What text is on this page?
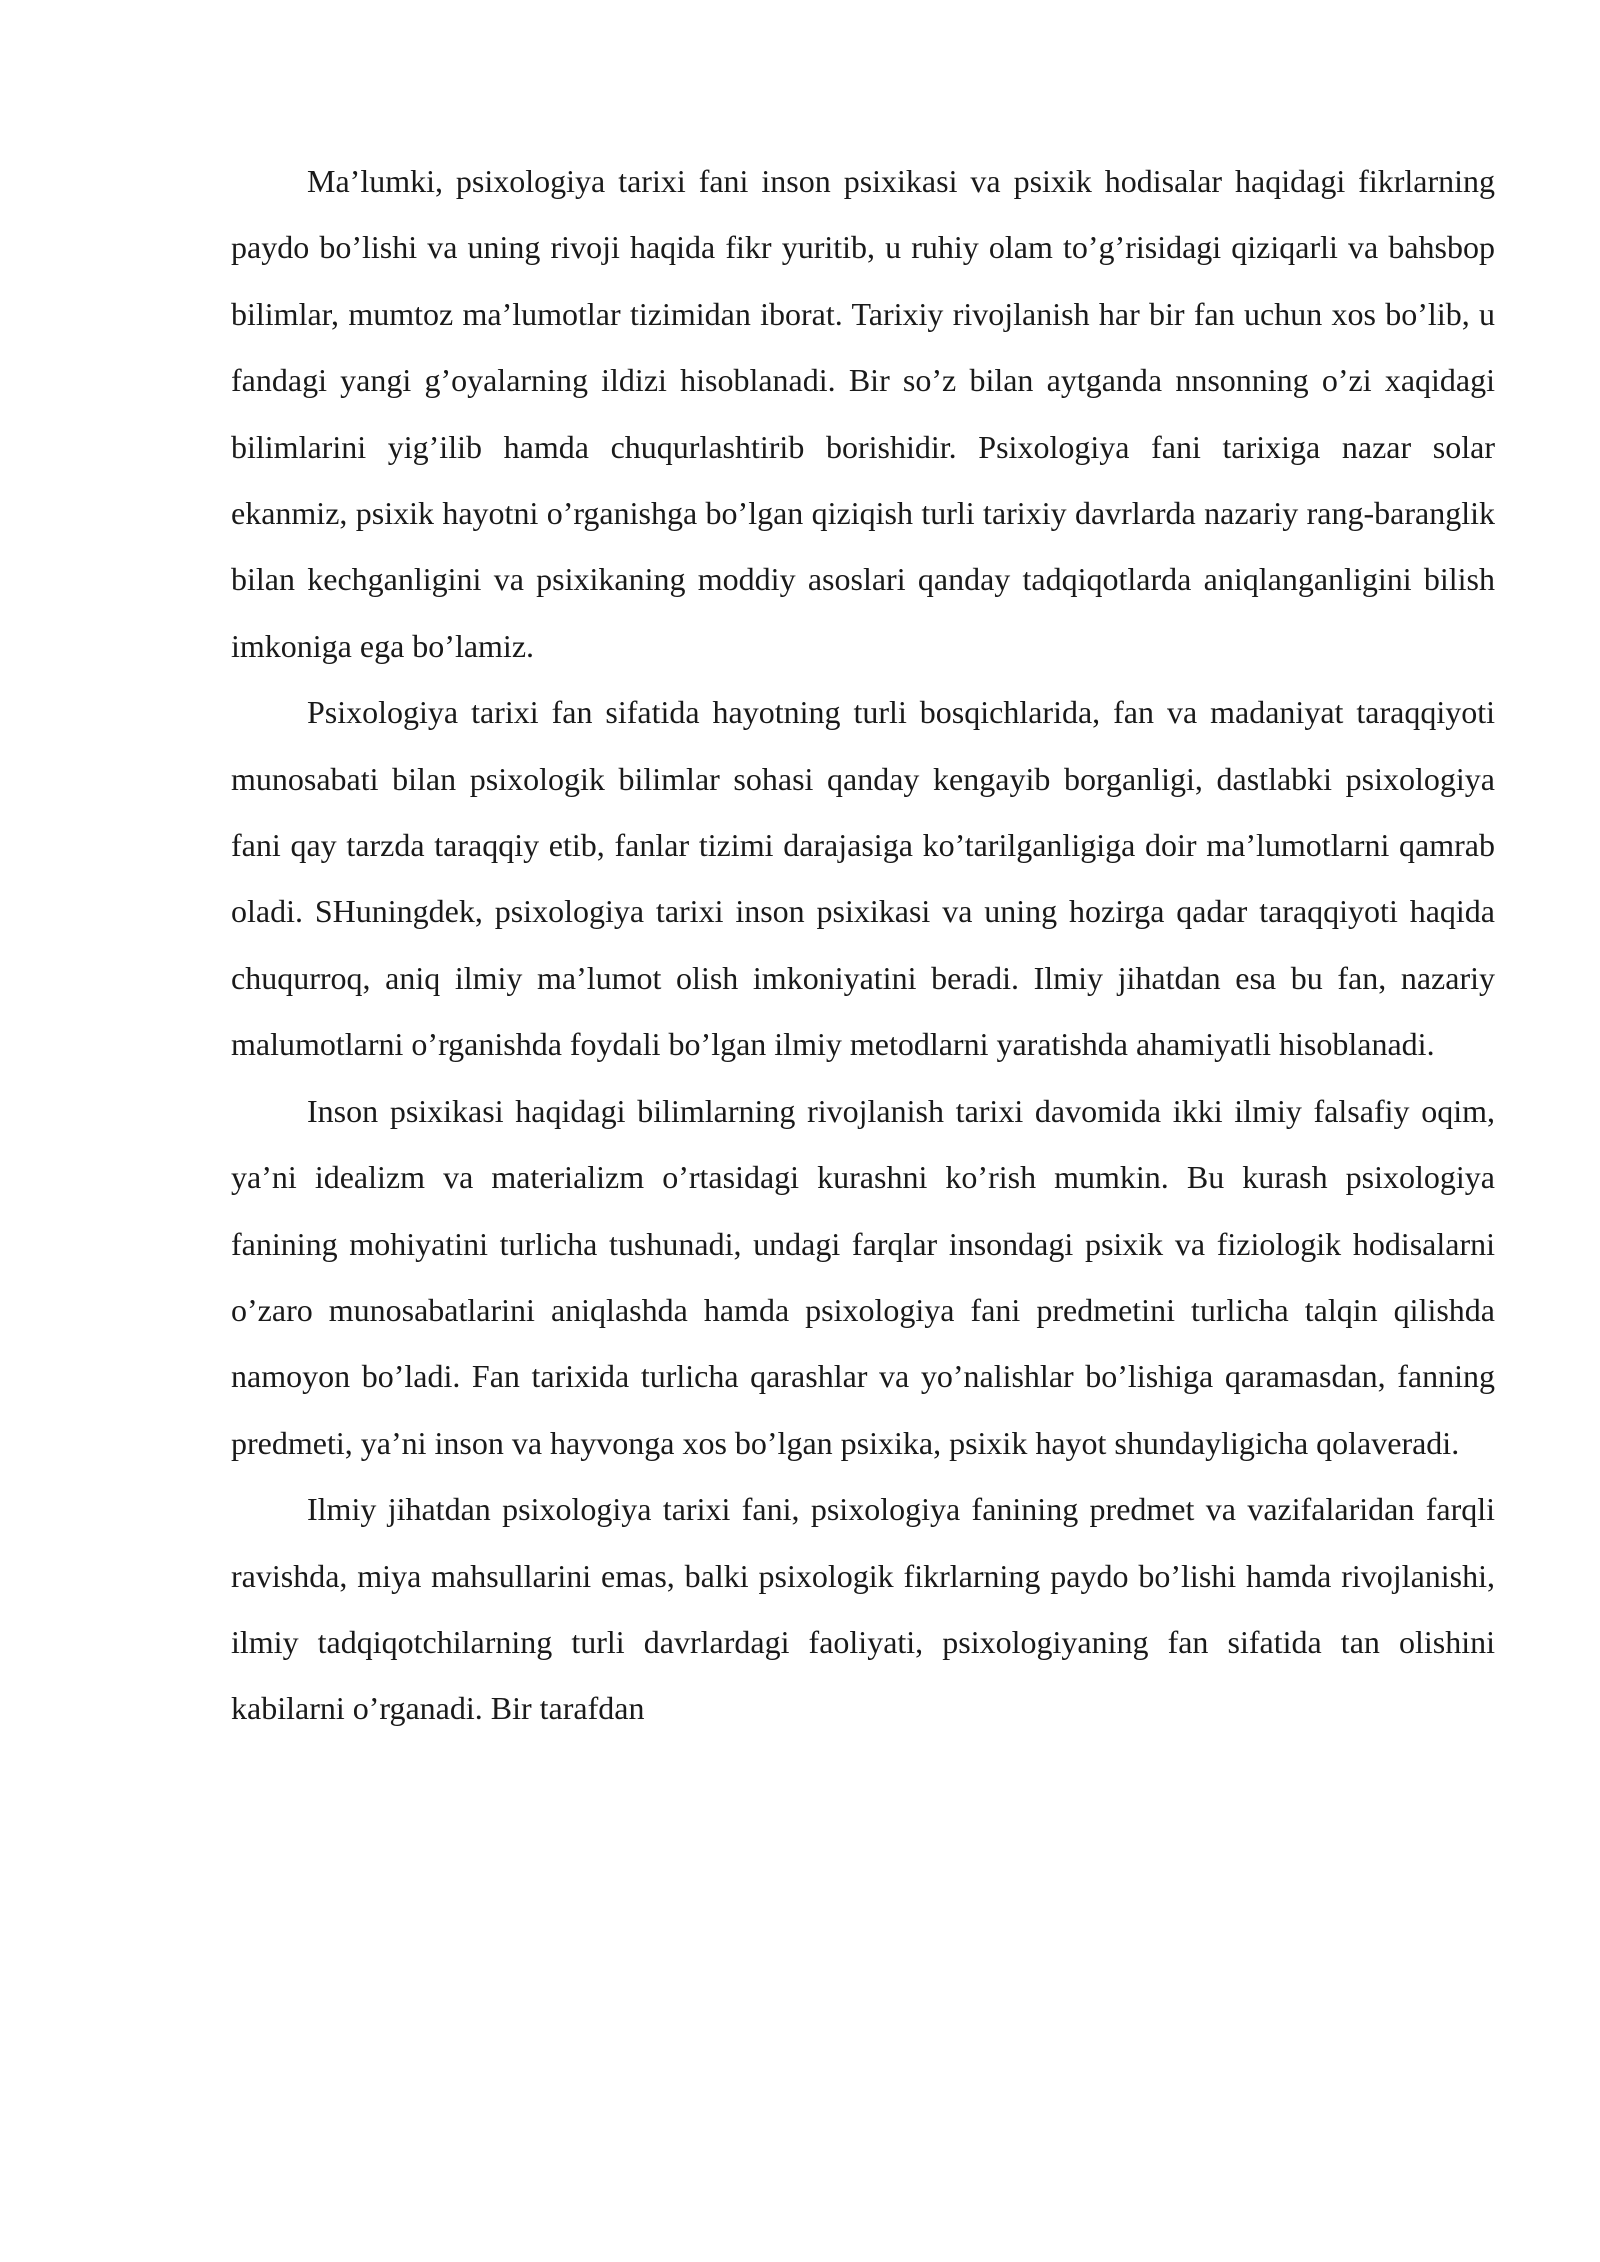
Ma’lumki, psixologiya tarixi fani inson psixikasi va psixik hodisalar haqidagi fikrlarning paydo bo’lishi va uning rivoji haqida fikr yuritib, u ruhiy olam to’g’risidagi qiziqarli va bahsbop bilimlar, mumtoz ma’lumotlar tizimidan iborat. Tarixiy rivojlanish har bir fan uchun xos bo’lib, u fandagi yangi g’oyalarning ildizi hisoblanadi. Bir so’z bilan aytganda nnsonning o’zi xaqidagi bilimlarini yig’ilib hamda chuqurlashtirib borishidir. Psixologiya fani tarixiga nazar solar ekanmiz, psixik hayotni o’rganishga bo’lgan qiziqish turli tarixiy davrlarda nazariy rang-baranglik bilan kechganligini va psixikaning moddiy asoslari qanday tadqiqotlarda aniqlanganligini bilish imkoniga ega bo’lamiz.

Psixologiya tarixi fan sifatida hayotning turli bosqichlarida, fan va madaniyat taraqqiyoti munosabati bilan psixologik bilimlar sohasi qanday kengayib borganligi, dastlabki psixologiya fani qay tarzda taraqqiy etib, fanlar tizimi darajasiga ko’tarilganligiga doir ma’lumotlarni qamrab oladi. SHuningdek, psixologiya tarixi inson psixikasi va uning hozirga qadar taraqqiyoti haqida chuqurroq, aniq ilmiy ma’lumot olish imkoniyatini beradi. Ilmiy jihatdan esa bu fan, nazariy malumotlarni o’rganishda foydali bo’lgan ilmiy metodlarni yaratishda ahamiyatli hisoblanadi.

Inson psixikasi haqidagi bilimlarning rivojlanish tarixi davomida ikki ilmiy falsafiy oqim, ya’ni idealizm va materializm o’rtasidagi kurashni ko’rish mumkin. Bu kurash psixologiya fanining mohiyatini turlicha tushunadi, undagi farqlar insondagi psixik va fiziologik hodisalarni o’zaro munosabatlarini aniqlashda hamda psixologiya fani predmetini turlicha talqin qilishda namoyon bo’ladi. Fan tarixida turlicha qarashlar va yo’nalishlar bo’lishiga qaramasdan, fanning predmeti, ya’ni inson va hayvonga xos bo’lgan psixika, psixik hayot shundayligicha qolaveradi.

Ilmiy jihatdan psixologiya tarixi fani, psixologiya fanining predmet va vazifalaridan farqli ravishda, miya mahsullarini emas, balki psixologik fikrlarning paydo bo’lishi hamda rivojlanishi, ilmiy tadqiqotchilarning turli davrlardagi faoliyati, psixologiyaning fan sifatida tan olishini kabilarni o’rganadi. Bir tarafdan
